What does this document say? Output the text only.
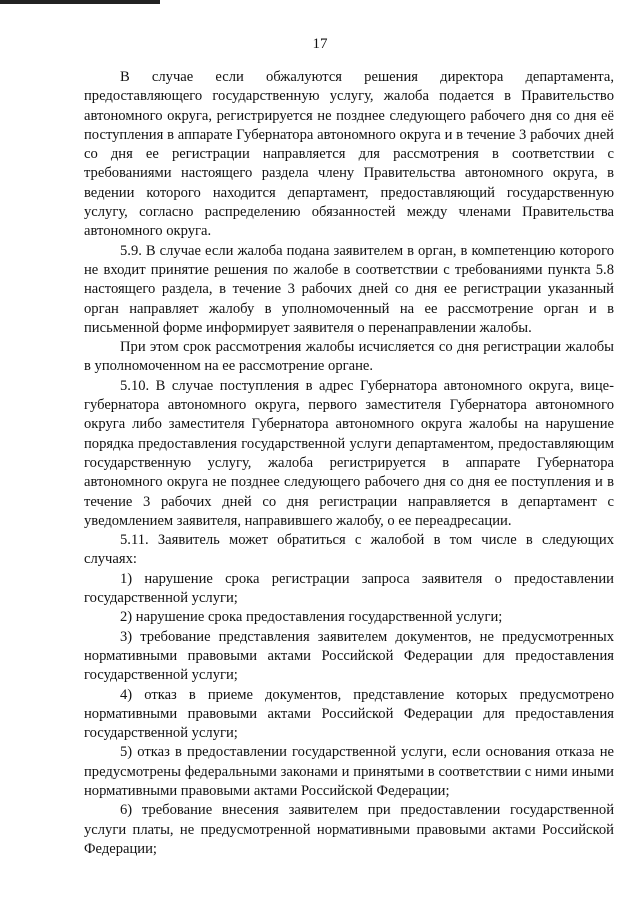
17

В случае если обжалуются решения директора департамента, предоставляющего государственную услугу, жалоба подается в Правительство автономного округа, регистрируется не позднее следующего рабочего дня со дня её поступления в аппарате Губернатора автономного округа и в течение 3 рабочих дней со дня ее регистрации направляется для рассмотрения в соответствии с требованиями настоящего раздела члену Правительства автономного округа, в ведении которого находится департамент, предоставляющий государственную услугу, согласно распределению обязанностей между членами Правительства автономного округа.

5.9. В случае если жалоба подана заявителем в орган, в компетенцию которого не входит принятие решения по жалобе в соответствии с требованиями пункта 5.8 настоящего раздела, в течение 3 рабочих дней со дня ее регистрации указанный орган направляет жалобу в уполномоченный на ее рассмотрение орган и в письменной форме информирует заявителя о перенаправлении жалобы.

При этом срок рассмотрения жалобы исчисляется со дня регистрации жалобы в уполномоченном на ее рассмотрение органе.

5.10. В случае поступления в адрес Губернатора автономного округа, вице-губернатора автономного округа, первого заместителя Губернатора автономного округа либо заместителя Губернатора автономного округа жалобы на нарушение порядка предоставления государственной услуги департаментом, предоставляющим государственную услугу, жалоба регистрируется в аппарате Губернатора автономного округа не позднее следующего рабочего дня со дня ее поступления и в течение 3 рабочих дней со дня регистрации направляется в департамент с уведомлением заявителя, направившего жалобу, о ее переадресации.

5.11. Заявитель может обратиться с жалобой в том числе в следующих случаях:

1) нарушение срока регистрации запроса заявителя о предоставлении государственной услуги;

2) нарушение срока предоставления государственной услуги;

3) требование представления заявителем документов, не предусмотренных нормативными правовыми актами Российской Федерации для предоставления государственной услуги;

4) отказ в приеме документов, представление которых предусмотрено нормативными правовыми актами Российской Федерации для предоставления государственной услуги;

5) отказ в предоставлении государственной услуги, если основания отказа не предусмотрены федеральными законами и принятыми в соответствии с ними иными нормативными правовыми актами Российской Федерации;

6) требование внесения заявителем при предоставлении государственной услуги платы, не предусмотренной нормативными правовыми актами Российской Федерации;
